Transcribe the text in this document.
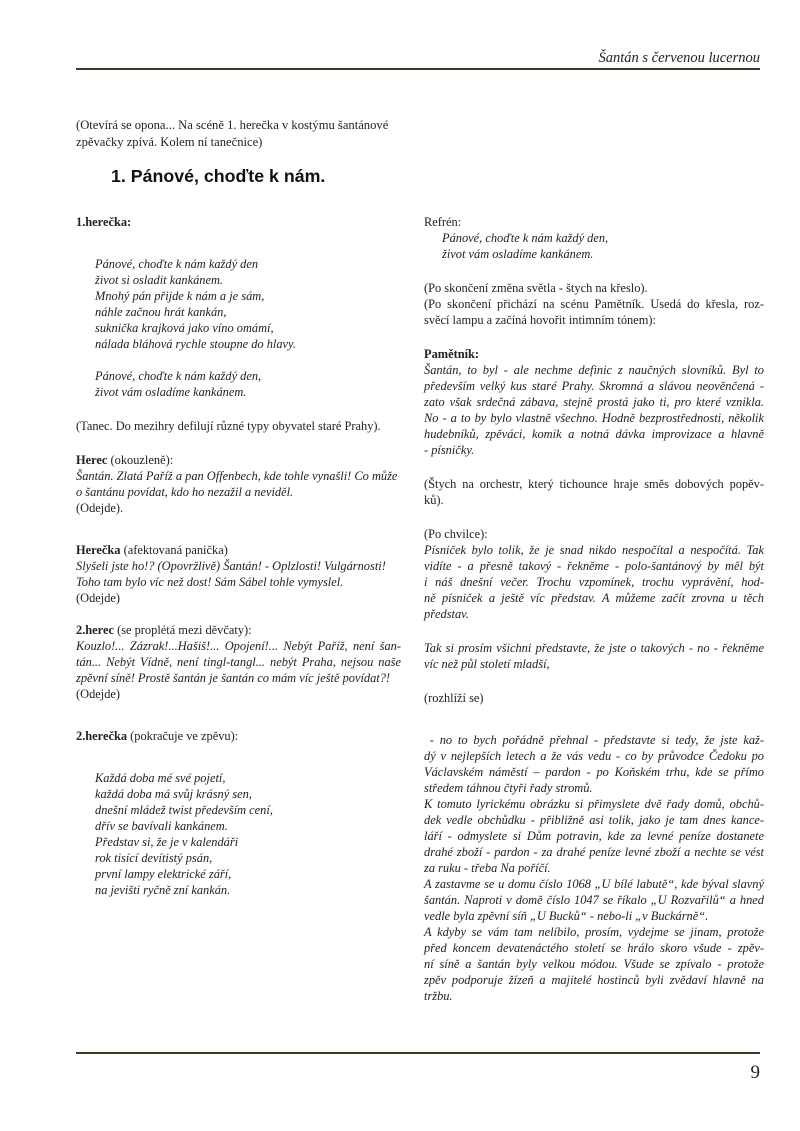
Šantán s červenou lucernou
(Otevírá se opona... Na scéně 1. herečka v kostýmu šantánové
zpěvačky zpívá. Kolem ní tanečnice)
1. Pánové, choďte k nám.

1.herečka:

Pánové, choďte k nám každý den

život si osladit kankánem.

Mnohý pán přijde k nám a je sám,

náhle začnou hrát kankán,

suknička krajková jako víno omámí,

nálada bláhová rychle stoupne do hlavy.

Pánové, choďte k nám každý den,

život vám osladíme kankánem.

(Tanec. Do mezihry defilují různé typy obyvatel staré Prahy).

Herec (okouzleně):

Šantán. Zlatá Paříž a pan Offenbech, kde tohle vynašli! Co může

o šantánu povídat, kdo ho nezažil a neviděl.

(Odejde).

Herečka (afektovaná panička)

Slyšeli jste ho!? (Opovržlivě) Šantán! - Oplzlosti! Vulgárnosti!

Toho tam bylo víc než dost! Sám Sábel tohle vymyslel.

(Odejde)

2.herec (se proplétá mezi děvčaty):

Kouzlo!... Zázrak!...Hašiš!... Opojení!... Nebýt Paříž, není šan-

tán... Nebýt Vídně, není tingl-tangl... nebýt Praha, nejsou naše

zpěvní síně! Prostě šantán je šantán co mám víc ještě povídat?!

(Odejde)

2.herečka (pokračuje ve zpěvu):

Každá doba mé své pojetí,

každá doba má svůj krásný sen,

dnešní mládež twist především cení,

dřív se bavívali kankánem.

Představ si, že je v kalendáři

rok tisící devítistý psán,

první lampy elektrické září,

na jevišti ryčně zní kankán.

Refrén:

Pánové, choďte k nám každý den,

život vám osladíme kankánem.

(Po skončení změna světla - štych na křeslo).

(Po skončení přichází na scénu Pamětník. Usedá do křesla, roz-

svěcí lampu a začíná hovořit intimním tónem):

Pamětník:

Šantán, to byl - ale nechme definic z naučných slovníků. Byl to

především velký kus staré Prahy. Skromná a slávou neověnčená -

zato však srdečná zábava, stejně prostá jako ti, pro které vznikla.

No - a to by bylo vlastně všechno. Hodně bezprostřednosti, několik

hudebníků, zpěváci, komik a notná dávka improvizace a hlavně

- písničky.

(Štych na orchestr, který tichounce hraje směs dobových popěv-

ků).

(Po chvilce):

Písniček bylo tolik, že je snad nikdo nespočítal a nespočítá. Tak

vidíte - a přesně takový - řekněme - polo-šantánový by měl být

i náš dnešní večer. Trochu vzpomínek, trochu vyprávění, hod-

ně písniček a ještě víc představ. A můžeme začít zrovna u těch

představ.

Tak si prosím všichni představte, že jste o takových - no - řekněme

víc než půl století mladší,

(rozhlíží se)

- no to bych pořádně přehnal - představte si tedy, že jste kaž-

dý v nejlepších letech a že vás vedu - co by průvodce Čedoku po

Václavském náměstí – pardon - po Koňském trhu, kde se přímo

středem táhnou čtyři řady stromů.

K tomuto lyrickému obrázku si přimyslete dvě řady domů, obchů-

dek vedle obchůdku - přibližně asi tolik, jako je tam dnes kance-

láří - odmyslete si Dům potravin, kde za levné peníze dostanete

drahé zboží - pardon - za drahé peníze levné zboží a nechte se vést

za ruku - třeba Na poříčí.

A zastavme se u domu číslo 1068 „U bílé labutě“, kde býval slavný

šantán. Naproti v domě číslo 1047 se říkalo „U Rozvařilů“ a hned

vedle byla zpěvní síň „U Bucků“ - nebo-li „v Buckárně“.

A kdyby se vám tam nelíbilo, prosím, vydejme se jinam, protože

před koncem devatenáctého století se hrálo skoro všude - zpěv-

ní síně a šantán byly velkou módou. Všude se zpívalo - protože

zpěv podporuje žízeň a majitelé hostinců byli zvědaví hlavně na

tržbu.

9
